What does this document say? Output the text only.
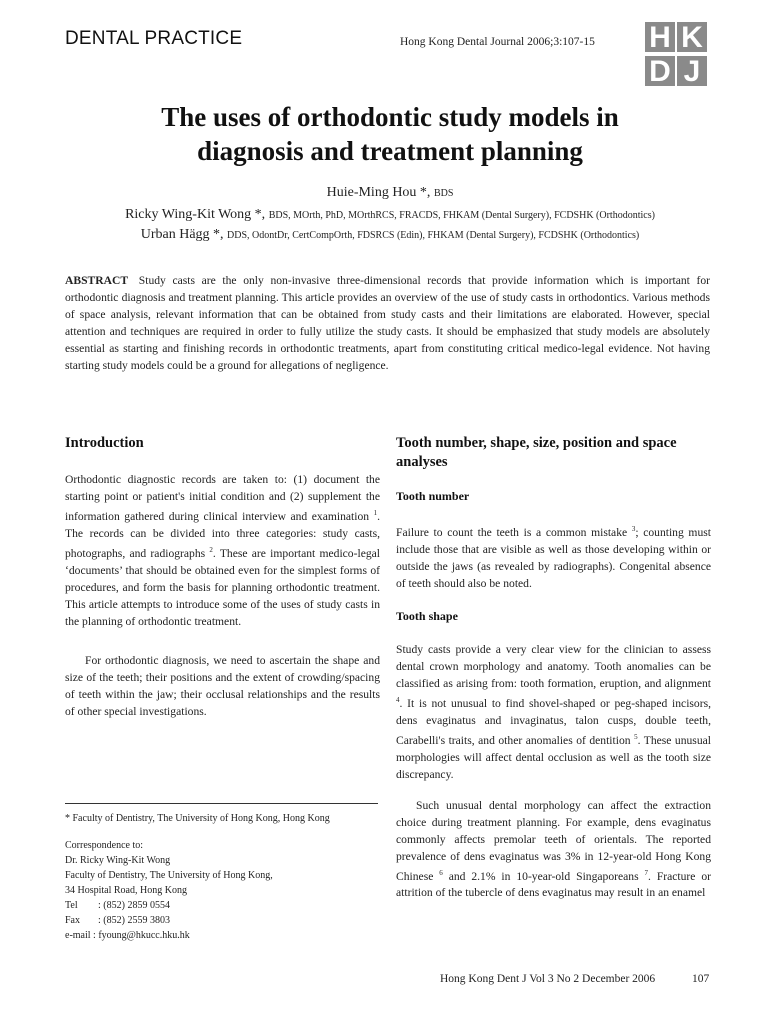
DENTAL PRACTICE	Hong Kong Dental Journal 2006;3:107-15 H K
D J
The uses of orthodontic study models in
diagnosis and treatment planning
Huie-Ming Hou *, BDS
Ricky Wing-Kit Wong *, BDS, MOrth, PhD, MOrthRCS, FRACDS, FHKAM (Dental Surgery), FCDSHK (Orthodontics)
Urban Hägg *, DDS, OdontDr, CertCompOrth, FDSRCS (Edin), FHKAM (Dental Surgery), FCDSHK (Orthodontics)
ABSTRACT Study casts are the only non-invasive three-dimensional records that provide information which is important for orthodontic diagnosis and treatment planning. This article provides an overview of the use of study casts in orthodontics. Various methods of space analysis, relevant information that can be obtained from study casts and their limitations are elaborated. However, special attention and techniques are required in order to fully utilize the study casts. It should be emphasized that study models are absolutely essential as starting and finishing records in orthodontic treatments, apart from constituting critical medico-legal evidence. Not having starting study models could be a ground for allegations of negligence.
Introduction

Orthodontic diagnostic records are taken to: (1) document the starting point or patient's initial condition and (2) supplement the information gathered during clinical interview and examination $^1$. The records can be divided into three categories: study casts, photographs, and radiographs $^2$. These are important medico-legal ‘documents’ that should be obtained even for the simplest forms of procedures, and form the basis for planning orthodontic treatment. This article attempts to introduce some of the uses of study casts in the planning of orthodontic treatment.

For orthodontic diagnosis, we need to ascertain the shape and size of the teeth; their positions and the extent of crowding/spacing of teeth within the jaw; their occlusal relationships and the results of other special investigations.

* Faculty of Dentistry, The University of Hong Kong, Hong Kong
Correspondence to:
Dr. Ricky Wing-Kit Wong
Faculty of Dentistry, The University of Hong Kong,
34 Hospital Road, Hong Kong
Tel : (852) 2859 0554
Fax : (852) 2559 3803
e-mail : fyoung@hkucc.hku.hk
Tooth number, shape, size, position and space analyses
Tooth number

Failure to count the teeth is a common mistake $^3$; counting must include those that are visible as well as those developing within or outside the jaws (as revealed by radiographs). Congenital absence of teeth should also be noted.

Tooth shape

Study casts provide a very clear view for the clinician to assess dental crown morphology and anatomy. Tooth anomalies can be classified as arising from: tooth formation, eruption, and alignment $^4$. It is not unusual to find shovel-shaped or peg-shaped incisors, dens evaginatus and invaginatus, talon cusps, double teeth, Carabelli's traits, and other anomalies of dentition $^5$. These unusual morphologies will affect dental occlusion as well as the tooth size discrepancy.

Such unusual dental morphology can affect the extraction choice during treatment planning. For example, dens evaginatus commonly affects premolar teeth of orientals. The reported prevalence of dens evaginatus was 3% in 12-year-old Hong Kong Chinese $^6$ and 2.1% in 10-year-old Singaporeans $^7$. Fracture or attrition of the tubercle of dens evaginatus may result in an enamel

Hong Kong Dent J Vol 3 No 2 December 2006	107
